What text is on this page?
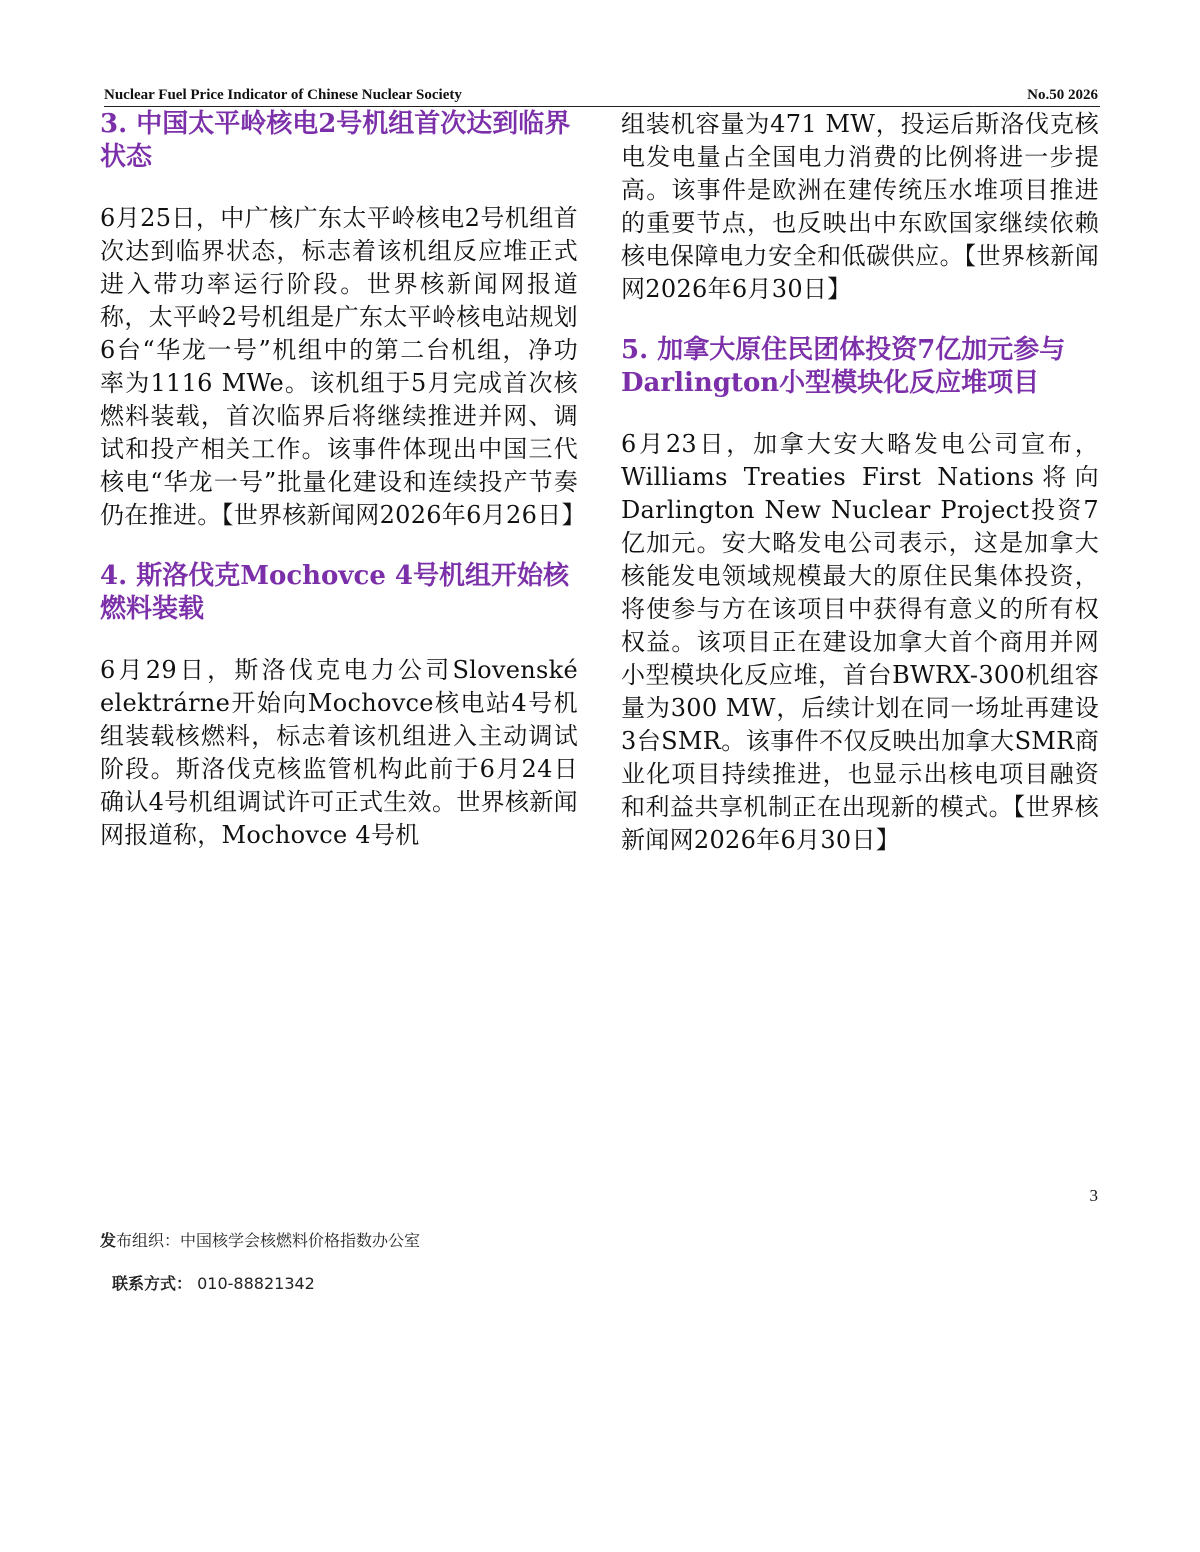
Nuclear Fuel Price Indicator of Chinese Nuclear Society	No.50 2026
3. 中国太平岭核电2号机组首次达到临界状态

6月25日，中广核广东太平岭核电2号机组首次达到临界状态，标志着该机组反应堆正式进入带功率运行阶段。世界核新闻网报道称，太平岭2号机组是广东太平岭核电站规划6台“华龙一号”机组中的第二台机组，净功率为1116 MWe。该机组于5月完成首次核燃料装载，首次临界后将继续推进并网、调试和投产相关工作。该事件体现出中国三代核电“华龙一号”批量化建设和连续投产节奏仍在推进。【世界核新闻网2026年6月26日】

4. 斯洛伐克Mochovce 4号机组开始核燃料装载

6月29日，斯洛伐克电力公司Slovenské elektrárne开始向Mochovce核电站4号机组装载核燃料，标志着该机组进入主动调试阶段。斯洛伐克核监管机构此前于6月24日确认4号机组调试许可正式生效。世界核新闻网报道称，Mochovce 4号机

组装机容量为471 MW，投运后斯洛伐克核电发电量占全国电力消费的比例将进一步提高。该事件是欧洲在建传统压水堆项目推进的重要节点，也反映出中东欧国家继续依赖核电保障电力安全和低碳供应。【世界核新闻网2026年6月30日】

5. 加拿大原住民团体投资7亿加元参与Darlington小型模块化反应堆项目

6月23日，加拿大安大略发电公司宣布，Williams Treaties First Nations将向Darlington New Nuclear Project投资7亿加元。安大略发电公司表示，这是加拿大核能发电领域规模最大的原住民集体投资，将使参与方在该项目中获得有意义的所有权权益。该项目正在建设加拿大首个商用并网小型模块化反应堆，首台BWRX-300机组容量为300 MW，后续计划在同一场址再建设3台SMR。该事件不仅反映出加拿大SMR商业化项目持续推进，也显示出核电项目融资和利益共享机制正在出现新的模式。【世界核新闻网2026年6月30日】

3
发布组织：中国核学会核燃料价格指数办公室
联系方式： 010-88821342
